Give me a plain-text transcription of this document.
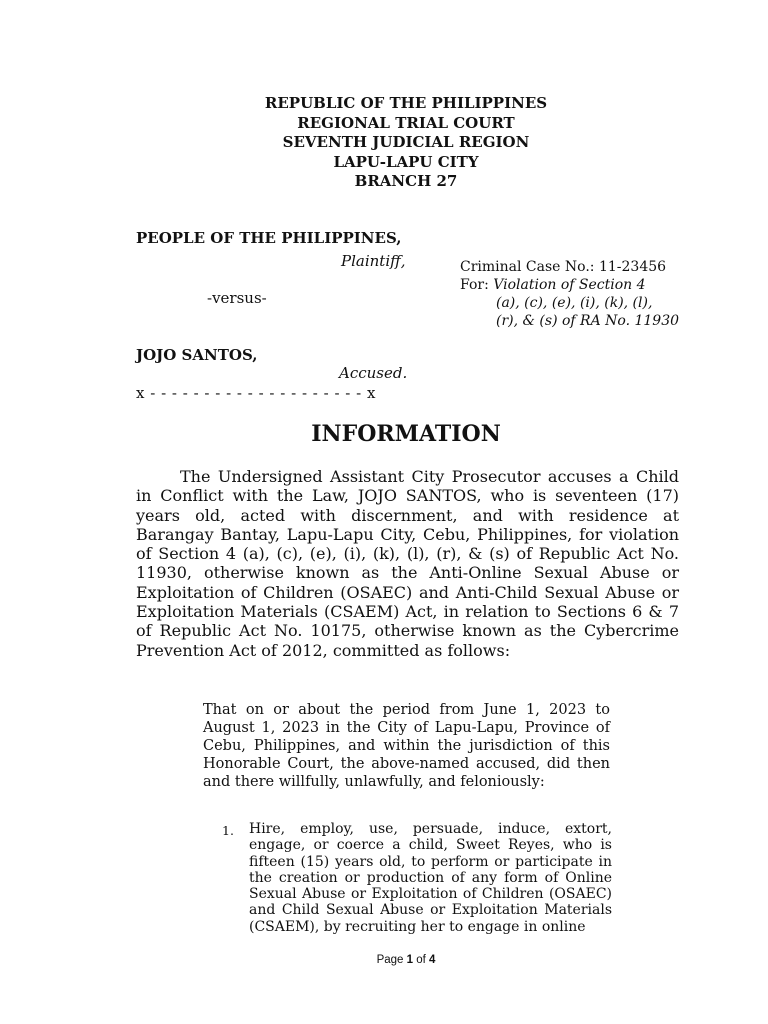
REPUBLIC OF THE PHILIPPINES
REGIONAL TRIAL COURT
SEVENTH JUDICIAL REGION
LAPU-LAPU CITY
BRANCH 27
PEOPLE OF THE PHILIPPINES,
Plaintiff,	Criminal Case No.: 11-23456
For: Violation of Section 4
(a), (c), (e), (i), (k), (l),
(r), & (s) of RA No. 11930
-versus-
JOJO SANTOS,
Accused.
x - - - - - - - - - - - - - - - - - - - - x
INFORMATION
The Undersigned Assistant City Prosecutor accuses a Child in Conflict with the Law, JOJO SANTOS, who is seventeen (17) years old, acted with discernment, and with residence at Barangay Bantay, Lapu-Lapu City, Cebu, Philippines, for violation of Section 4 (a), (c), (e), (i), (k), (l), (r), & (s) of Republic Act No. 11930, otherwise known as the Anti-Online Sexual Abuse or Exploitation of Children (OSAEC) and Anti-Child Sexual Abuse or Exploitation Materials (CSAEM) Act, in relation to Sections 6 & 7 of Republic Act No. 10175, otherwise known as the Cybercrime Prevention Act of 2012, committed as follows:
That on or about the period from June 1, 2023 to August 1, 2023 in the City of Lapu-Lapu, Province of Cebu, Philippines, and within the jurisdiction of this Honorable Court, the above-named accused, did then and there willfully, unlawfully, and feloniously:
1. Hire, employ, use, persuade, induce, extort, engage, or coerce a child, Sweet Reyes, who is fifteen (15) years old, to perform or participate in the creation or production of any form of Online Sexual Abuse or Exploitation of Children (OSAEC) and Child Sexual Abuse or Exploitation Materials (CSAEM), by recruiting her to engage in online
Page 1 of 4
